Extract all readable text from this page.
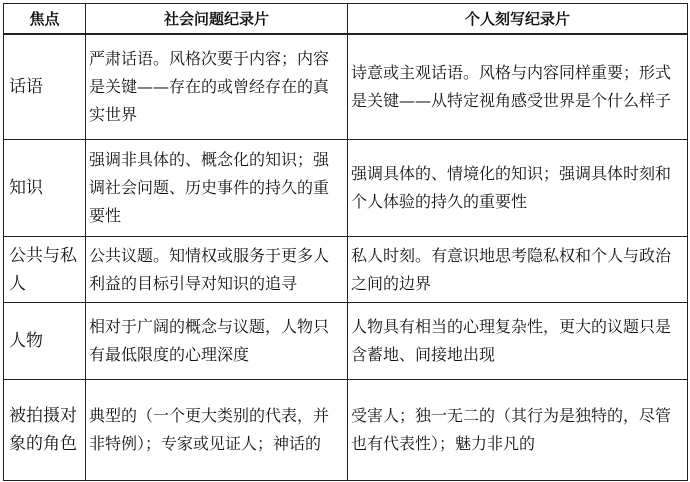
焦点	社会问题纪录片	个人刻写纪录片
话语	严肃话语。风格次要于内容；内容是关键——存在的或曾经存在的真实世界	诗意或主观话语。风格与内容同样重要；形式是关键——从特定视角感受世界是个什么样子
知识	强调非具体的、概念化的知识；强调社会问题、历史事件的持久的重要性	强调具体的、情境化的知识；强调具体时刻和个人体验的持久的重要性
公共与私人	公共议题。知情权或服务于更多人利益的目标引导对知识的追寻	私人时刻。有意识地思考隐私权和个人与政治之间的边界
人物	相对于广阔的概念与议题，人物只有最低限度的心理深度	人物具有相当的心理复杂性，更大的议题只是含蓄地、间接地出现
被拍摄对象的角色	典型的（一个更大类别的代表，并非特例）；专家或见证人；神话的	受害人；独一无二的（其行为是独特的，尽管也有代表性）；魅力非凡的
